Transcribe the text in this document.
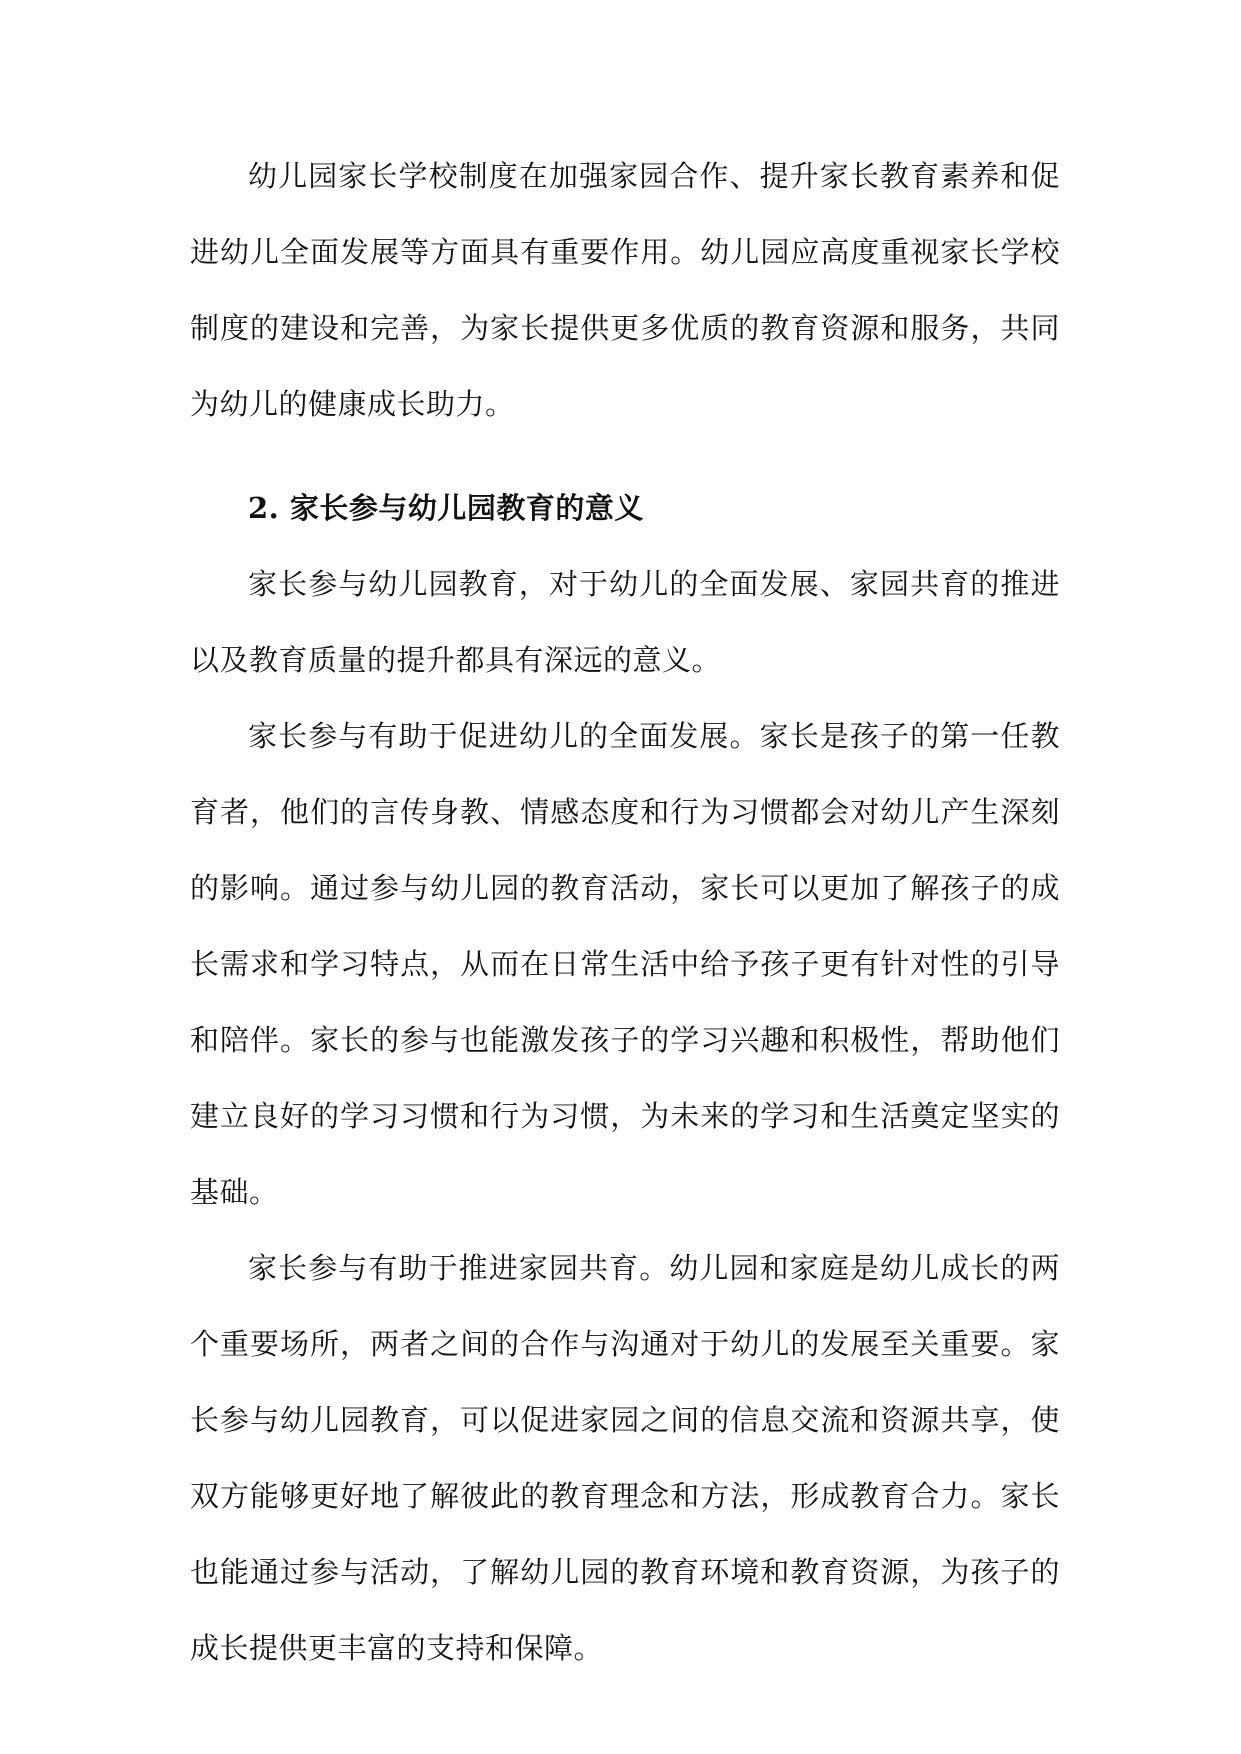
幼儿园家长学校制度在加强家园合作、提升家长教育素养和促进幼儿全面发展等方面具有重要作用。幼儿园应高度重视家长学校制度的建设和完善，为家长提供更多优质的教育资源和服务，共同为幼儿的健康成长助力。

2. 家长参与幼儿园教育的意义

家长参与幼儿园教育，对于幼儿的全面发展、家园共育的推进以及教育质量的提升都具有深远的意义。

家长参与有助于促进幼儿的全面发展。家长是孩子的第一任教育者，他们的言传身教、情感态度和行为习惯都会对幼儿产生深刻的影响。通过参与幼儿园的教育活动，家长可以更加了解孩子的成长需求和学习特点，从而在日常生活中给予孩子更有针对性的引导和陪伴。家长的参与也能激发孩子的学习兴趣和积极性，帮助他们建立良好的学习习惯和行为习惯，为未来的学习和生活奠定坚实的基础。

家长参与有助于推进家园共育。幼儿园和家庭是幼儿成长的两个重要场所，两者之间的合作与沟通对于幼儿的发展至关重要。家长参与幼儿园教育，可以促进家园之间的信息交流和资源共享，使双方能够更好地了解彼此的教育理念和方法，形成教育合力。家长也能通过参与活动，了解幼儿园的教育环境和教育资源，为孩子的成长提供更丰富的支持和保障。
